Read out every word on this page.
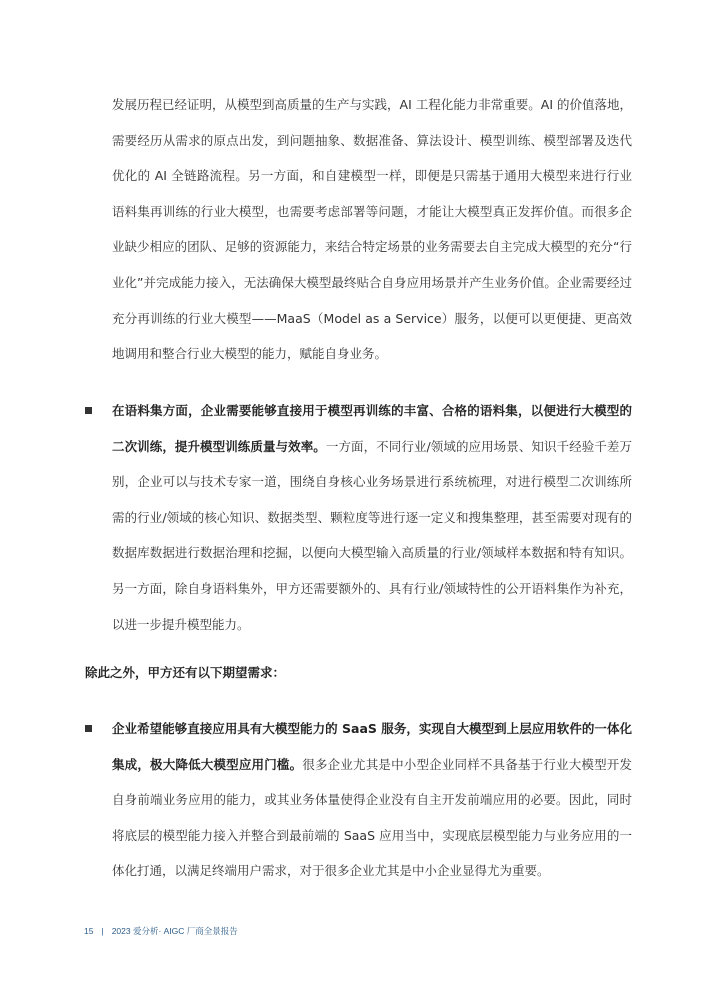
发展历程已经证明，从模型到高质量的生产与实践，AI 工程化能力非常重要。AI 的价值落地，需要经历从需求的原点出发，到问题抽象、数据准备、算法设计、模型训练、模型部署及迭代优化的 AI 全链路流程。另一方面，和自建模型一样，即便是只需基于通用大模型来进行行业语料集再训练的行业大模型，也需要考虑部署等问题，才能让大模型真正发挥价值。而很多企业缺少相应的团队、足够的资源能力，来结合特定场景的业务需要去自主完成大模型的充分“行业化”并完成能力接入，无法确保大模型最终贴合自身应用场景并产生业务价值。企业需要经过充分再训练的行业大模型——MaaS（Model as a Service）服务，以便可以更便捷、更高效地调用和整合行业大模型的能力，赋能自身业务。

在语料集方面，企业需要能够直接用于模型再训练的丰富、合格的语料集，以便进行大模型的二次训练，提升模型训练质量与效率。一方面，不同行业/领域的应用场景、知识千经验千差万别，企业可以与技术专家一道，围绕自身核心业务场景进行系统梳理，对进行模型二次训练所需的行业/领域的核心知识、数据类型、颗粒度等进行逐一定义和搜集整理，甚至需要对现有的数据库数据进行数据治理和挖掘，以便向大模型输入高质量的行业/领域样本数据和特有知识。另一方面，除自身语料集外，甲方还需要额外的、具有行业/领域特性的公开语料集作为补充，以进一步提升模型能力。

除此之外，甲方还有以下期望需求：

企业希望能够直接应用具有大模型能力的 SaaS 服务，实现自大模型到上层应用软件的一体化集成，极大降低大模型应用门槛。很多企业尤其是中小型企业同样不具备基于行业大模型开发自身前端业务应用的能力，或其业务体量使得企业没有自主开发前端应用的必要。因此，同时将底层的模型能力接入并整合到最前端的 SaaS 应用当中，实现底层模型能力与业务应用的一体化打通，以满足终端用户需求，对于很多企业尤其是中小企业显得尤为重要。

15 | 2023 爱分析· AIGC 厂商全景报告
